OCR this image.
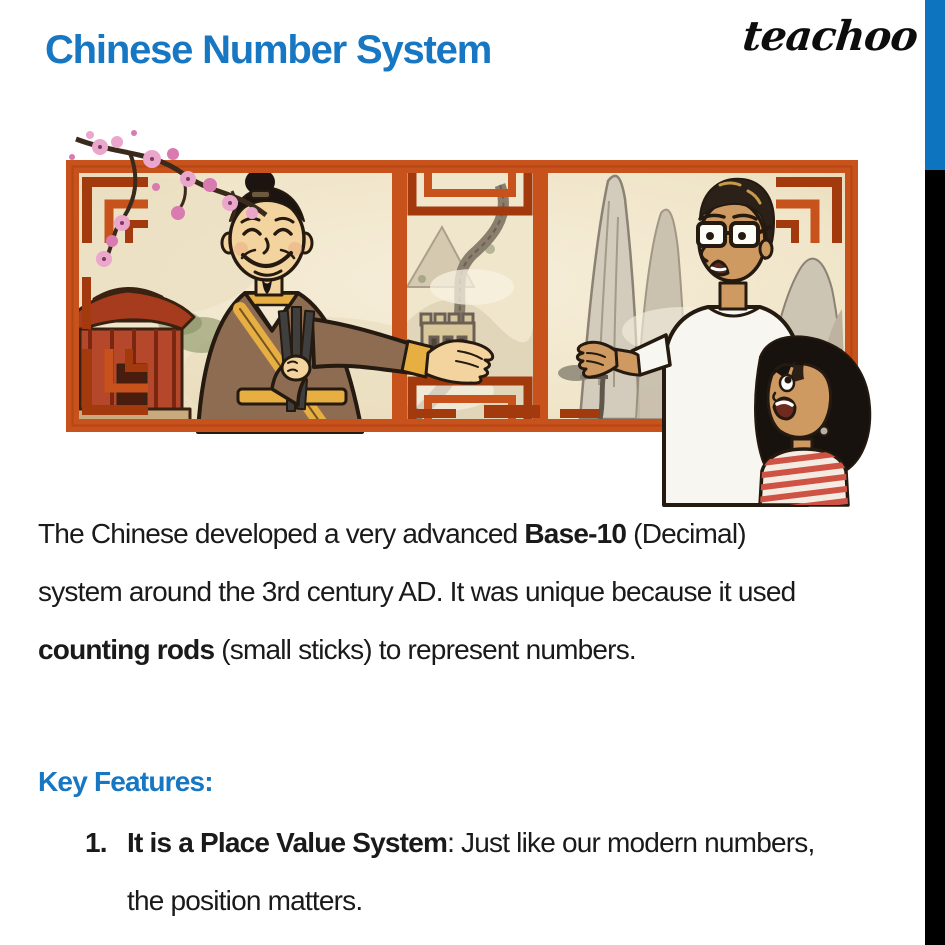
Chinese Number System	teachoo
The Chinese developed a very advanced Base-10 (Decimal)
system around the 3rd century AD. It was unique because it used
counting rods (small sticks) to represent numbers.
Key Features:
1. It is a Place Value System: Just like our modern numbers,
the position matters.
